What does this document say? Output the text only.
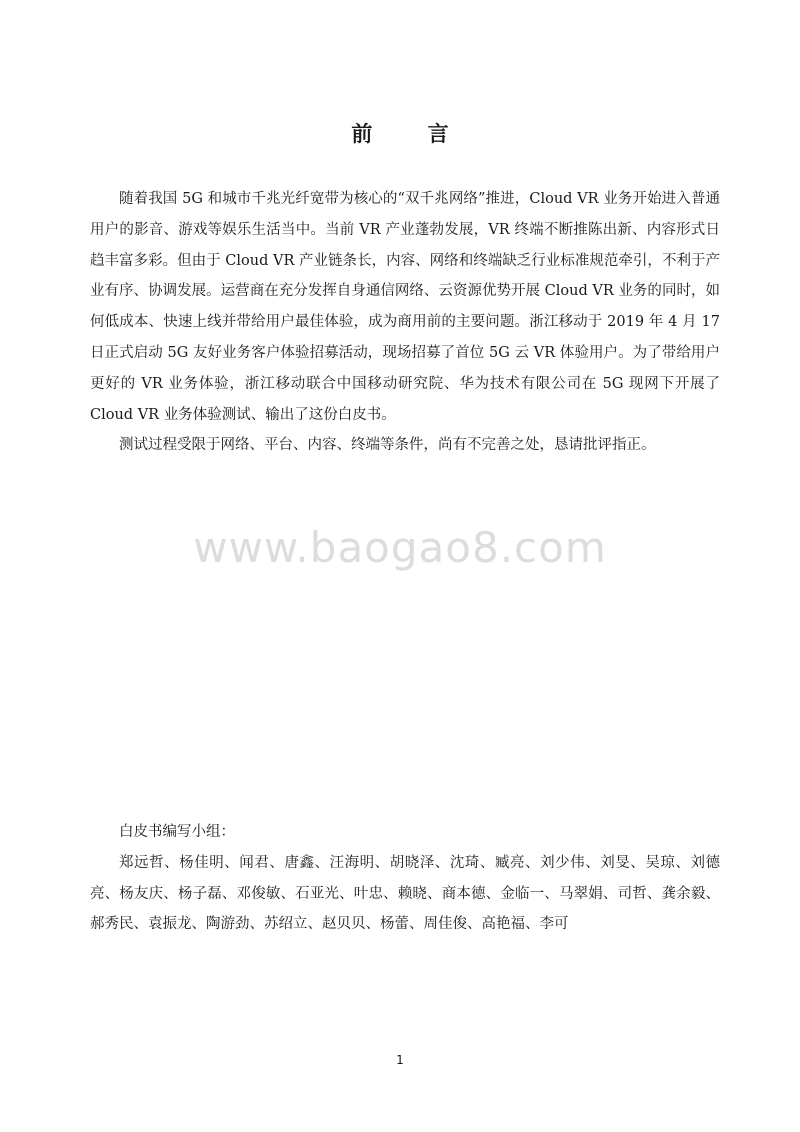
前 言

随着我国 5G 和城市千兆光纤宽带为核心的“双千兆网络”推进，Cloud VR 业务开始进入普通用户的影音、游戏等娱乐生活当中。当前 VR 产业蓬勃发展，VR 终端不断推陈出新、内容形式日趋丰富多彩。但由于 Cloud VR 产业链条长，内容、网络和终端缺乏行业标准规范牵引，不利于产业有序、协调发展。运营商在充分发挥自身通信网络、云资源优势开展 Cloud VR 业务的同时，如何低成本、快速上线并带给用户最佳体验，成为商用前的主要问题。浙江移动于 2019 年 4 月 17 日正式启动 5G 友好业务客户体验招募活动，现场招募了首位 5G 云 VR 体验用户。为了带给用户更好的 VR 业务体验，浙江移动联合中国移动研究院、华为技术有限公司在 5G 现网下开展了 Cloud VR 业务体验测试、输出了这份白皮书。

测试过程受限于网络、平台、内容、终端等条件，尚有不完善之处，恳请批评指正。

www.baogao8.com

白皮书编写小组：

郑远哲、杨佳明、闻君、唐鑫、汪海明、胡晓泽、沈琦、臧亮、刘少伟、刘旻、吴琼、刘德亮、杨友庆、杨子磊、邓俊敏、石亚光、叶忠、赖晓、商本德、金临一、马翠娟、司哲、龚余毅、郝秀民、袁振龙、陶游劲、苏绍立、赵贝贝、杨蕾、周佳俊、高艳福、李可

1
